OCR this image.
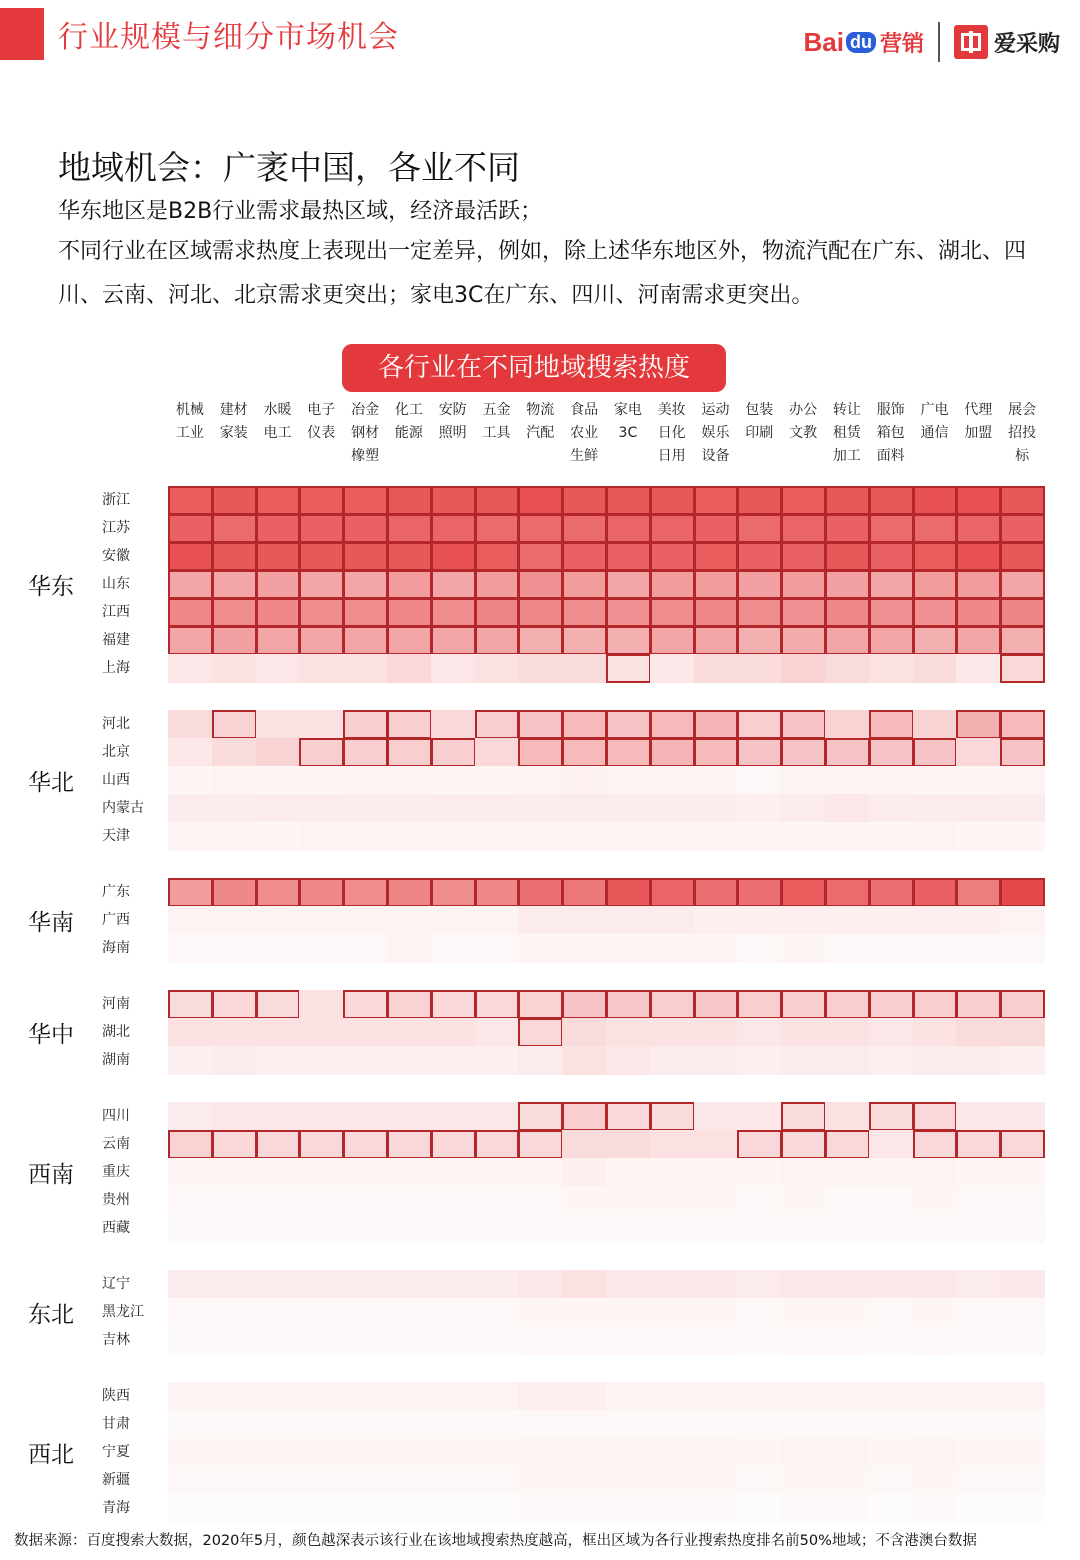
行业规模与细分市场机会	Bai du 营销	爱采购
地域机会：广袤中国，各业不同
华东地区是B2B行业需求最热区域，经济最活跃；
不同行业在区域需求热度上表现出一定差异，例如，除上述华东地区外，物流汽配在广东、湖北、四川、云南、河北、北京需求更突出；家电3C在广东、四川、河南需求更突出。
各行业在不同地域搜索热度
机械
工业
建材
家装
水暖
电工
电子
仪表
冶金
钢材
橡塑
化工
能源
安防
照明
五金
工具
物流
汽配
食品
农业
生鲜
家电
3C
美妆
日化
日用
运动
娱乐
设备
包装
印刷
办公
文教
转让
租赁
加工
服饰
箱包
面料
广电
通信
代理
加盟
展会
招投
标
浙江
江苏
安徽
山东
江西
福建
上海
华东
河北
北京
山西
内蒙古
天津
华北
广东
广西
海南
华南
河南
湖北
湖南
华中
四川
云南
重庆
贵州
西藏
西南
辽宁
黑龙江
吉林
东北
陕西
甘肃
宁夏
新疆
青海
西北
数据来源：百度搜索大数据，2020年5月，颜色越深表示该行业在该地域搜索热度越高，框出区域为各行业搜索热度排名前50%地域；不含港澳台数据
